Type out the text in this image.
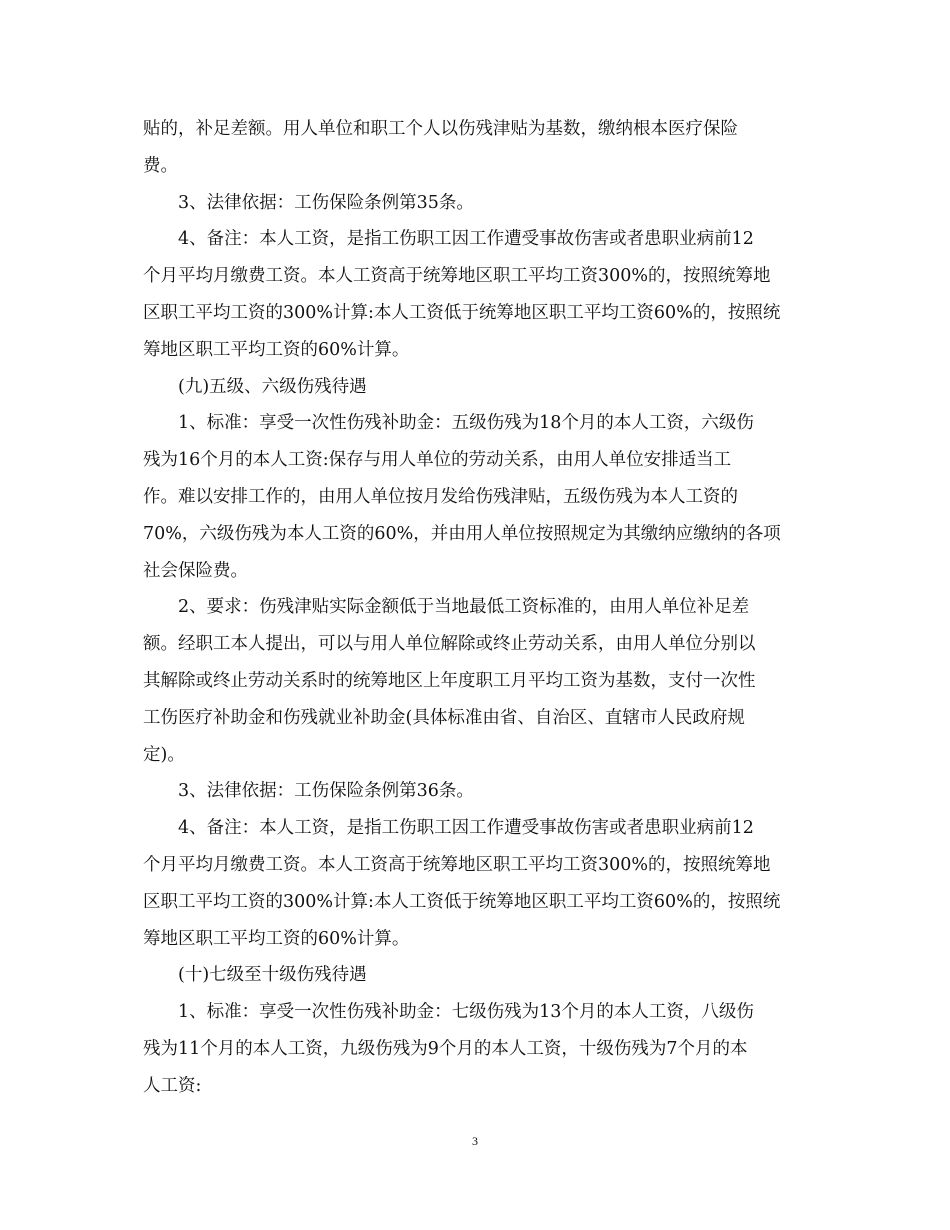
贴的，补足差额。用人单位和职工个人以伤残津贴为基数，缴纳根本医疗保险
费。
3、法律依据：工伤保险条例第35条。
4、备注：本人工资，是指工伤职工因工作遭受事故伤害或者患职业病前12
个月平均月缴费工资。本人工资高于统筹地区职工平均工资300%的，按照统筹地
区职工平均工资的300%计算:本人工资低于统筹地区职工平均工资60%的，按照统
筹地区职工平均工资的60%计算。
(九)五级、六级伤残待遇
1、标准：享受一次性伤残补助金：五级伤残为18个月的本人工资，六级伤
残为16个月的本人工资:保存与用人单位的劳动关系，由用人单位安排适当工
作。难以安排工作的，由用人单位按月发给伤残津贴，五级伤残为本人工资的
70%，六级伤残为本人工资的60%，并由用人单位按照规定为其缴纳应缴纳的各项
社会保险费。
2、要求：伤残津贴实际金额低于当地最低工资标准的，由用人单位补足差
额。经职工本人提出，可以与用人单位解除或终止劳动关系，由用人单位分别以
其解除或终止劳动关系时的统筹地区上年度职工月平均工资为基数，支付一次性
工伤医疗补助金和伤残就业补助金(具体标准由省、自治区、直辖市人民政府规
定)。
3、法律依据：工伤保险条例第36条。
4、备注：本人工资，是指工伤职工因工作遭受事故伤害或者患职业病前12
个月平均月缴费工资。本人工资高于统筹地区职工平均工资300%的，按照统筹地
区职工平均工资的300%计算:本人工资低于统筹地区职工平均工资60%的，按照统
筹地区职工平均工资的60%计算。
(十)七级至十级伤残待遇
1、标准：享受一次性伤残补助金：七级伤残为13个月的本人工资，八级伤
残为11个月的本人工资，九级伤残为9个月的本人工资，十级伤残为7个月的本
人工资:
3
